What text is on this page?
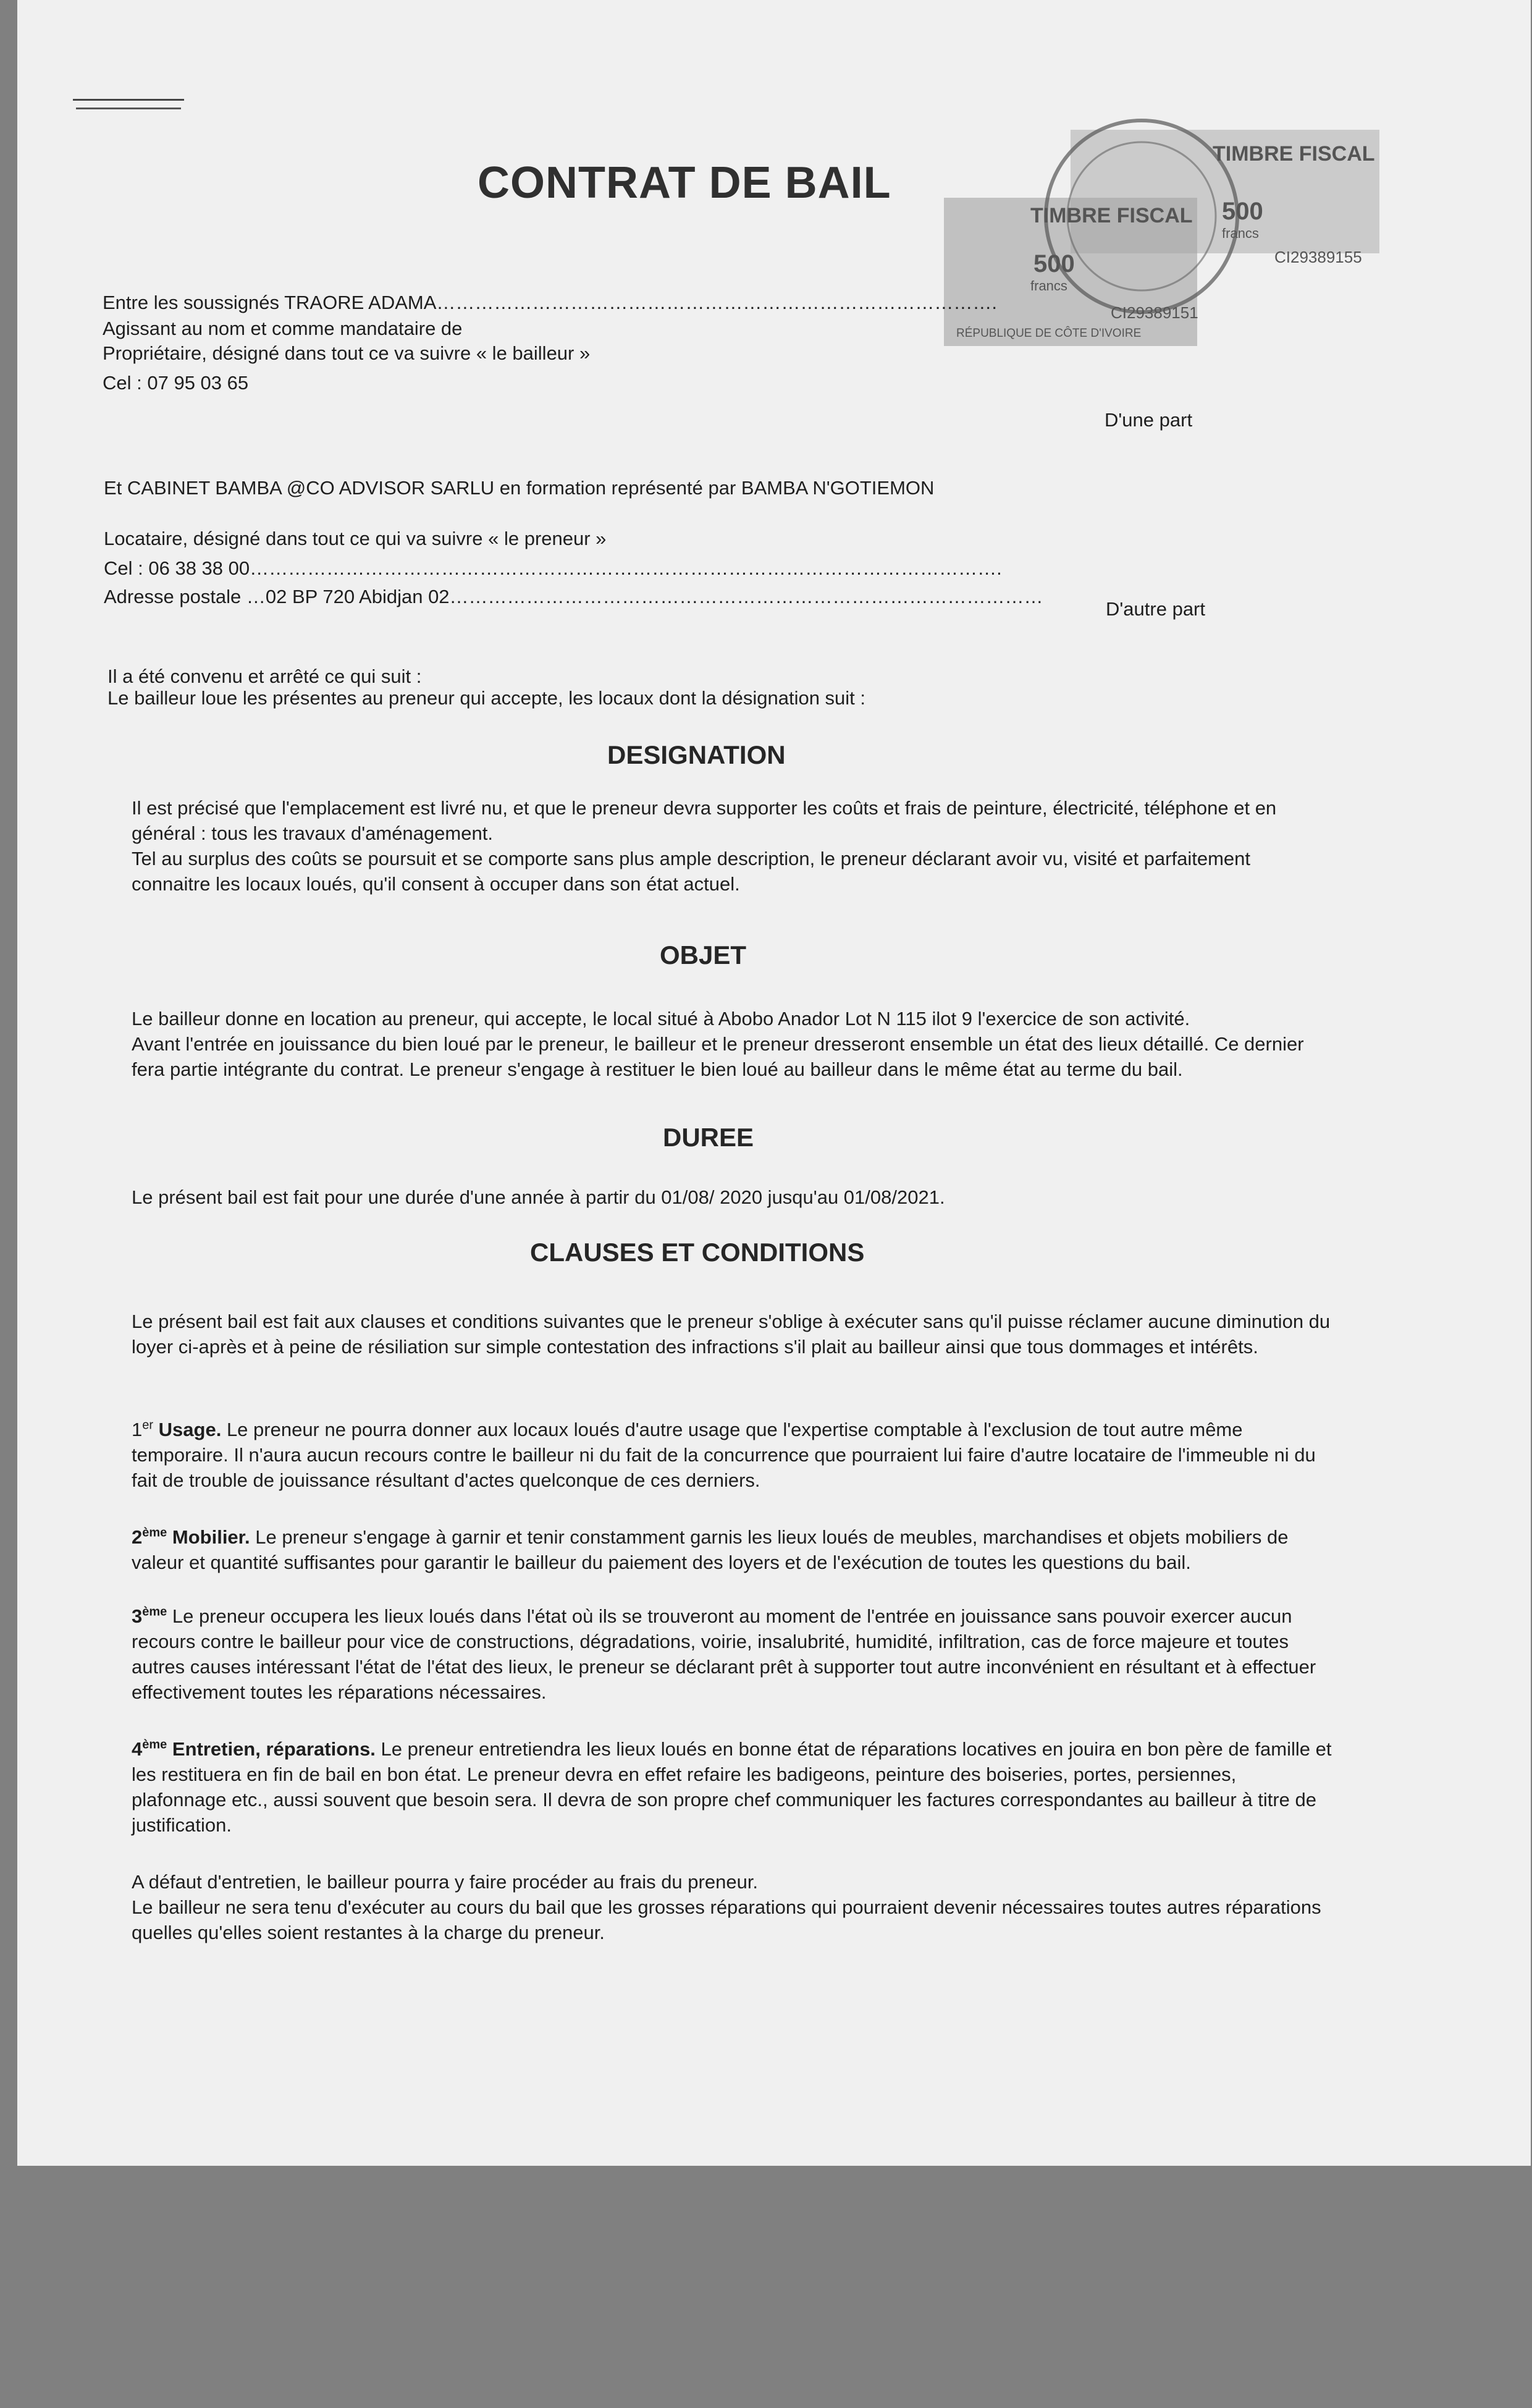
CONTRAT DE BAIL
TIMBRE FISCAL
TIMBRE FISCAL 500
francs
500
francs
CI29389155
CI29389151
RÉPUBLIQUE DE CÔTE D'IVOIRE
Entre les soussignés TRAORE ADAMA…………………………………………………………………………….
Agissant au nom et comme mandataire de
Propriétaire, désigné dans tout ce va suivre « le bailleur »
Cel : 07 95 03 65
D'une part
Et CABINET BAMBA @CO ADVISOR SARLU en formation représenté par BAMBA N'GOTIEMON
Locataire, désigné dans tout ce qui va suivre « le preneur »
Cel : 06 38 38 00……………………………………………………………………………………………………….
Adresse postale …02 BP 720 Abidjan 02…………………………………………………………………………………
D'autre part
Il a été convenu et arrêté ce qui suit :
Le bailleur loue les présentes au preneur qui accepte, les locaux dont la désignation suit :
DESIGNATION

Il est précisé que l'emplacement est livré nu, et que le preneur devra supporter les coûts et frais de peinture, électricité, téléphone et en général : tous les travaux d'aménagement.

Tel au surplus des coûts se poursuit et se comporte sans plus ample description, le preneur déclarant avoir vu, visité et parfaitement connaitre les locaux loués, qu'il consent à occuper dans son état actuel.

OBJET

Le bailleur donne en location au preneur, qui accepte, le local situé à Abobo Anador Lot N 115 ilot 9 l'exercice de son activité.

Avant l'entrée en jouissance du bien loué par le preneur, le bailleur et le preneur dresseront ensemble un état des lieux détaillé. Ce dernier fera partie intégrante du contrat. Le preneur s'engage à restituer le bien loué au bailleur dans le même état au terme du bail.

DUREE

Le présent bail est fait pour une durée d'une année à partir du 01/08/ 2020 jusqu'au 01/08/2021.

CLAUSES ET CONDITIONS

Le présent bail est fait aux clauses et conditions suivantes que le preneur s'oblige à exécuter sans qu'il puisse réclamer aucune diminution du loyer ci-après et à peine de résiliation sur simple contestation des infractions s'il plait au bailleur ainsi que tous dommages et intérêts.

1er Usage. Le preneur ne pourra donner aux locaux loués d'autre usage que l'expertise comptable à l'exclusion de tout autre même temporaire. Il n'aura aucun recours contre le bailleur ni du fait de la concurrence que pourraient lui faire d'autre locataire de l'immeuble ni du fait de trouble de jouissance résultant d'actes quelconque de ces derniers.

2ème Mobilier. Le preneur s'engage à garnir et tenir constamment garnis les lieux loués de meubles, marchandises et objets mobiliers de valeur et quantité suffisantes pour garantir le bailleur du paiement des loyers et de l'exécution de toutes les questions du bail.

3ème Le preneur occupera les lieux loués dans l'état où ils se trouveront au moment de l'entrée en jouissance sans pouvoir exercer aucun recours contre le bailleur pour vice de constructions, dégradations, voirie, insalubrité, humidité, infiltration, cas de force majeure et toutes autres causes intéressant l'état de l'état des lieux, le preneur se déclarant prêt à supporter tout autre inconvénient en résultant et à effectuer effectivement toutes les réparations nécessaires.

4ème Entretien, réparations. Le preneur entretiendra les lieux loués en bonne état de réparations locatives en jouira en bon père de famille et les restituera en fin de bail en bon état. Le preneur devra en effet refaire les badigeons, peinture des boiseries, portes, persiennes, plafonnage etc., aussi souvent que besoin sera. Il devra de son propre chef communiquer les factures correspondantes au bailleur à titre de justification.

A défaut d'entretien, le bailleur pourra y faire procéder au frais du preneur.

Le bailleur ne sera tenu d'exécuter au cours du bail que les grosses réparations qui pourraient devenir nécessaires toutes autres réparations quelles qu'elles soient restantes à la charge du preneur.
